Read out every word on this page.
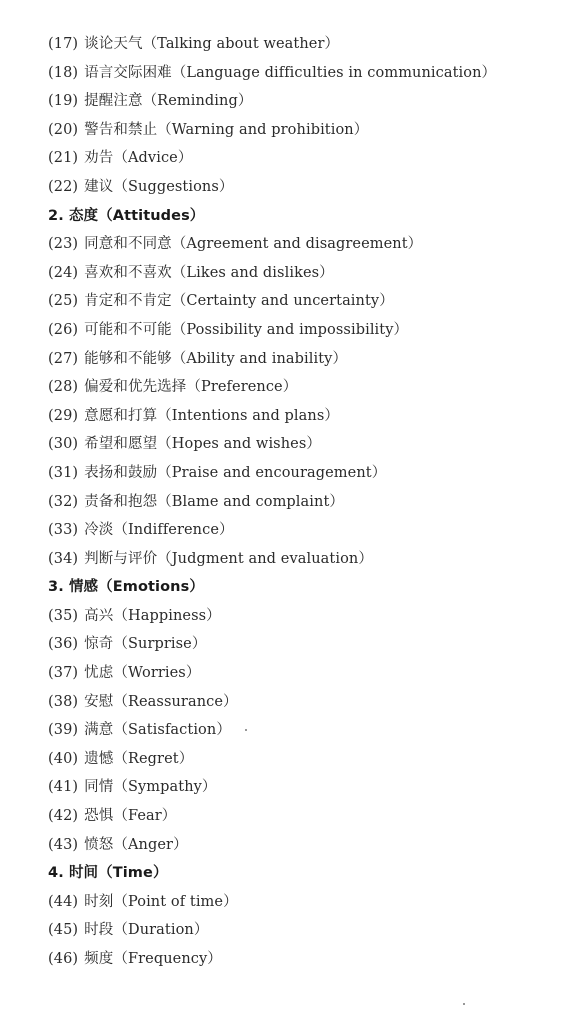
(17) 谈论天气（Talking about weather）
(18) 语言交际困难（Language difficulties in communication）
(19) 提醒注意（Reminding）
(20) 警告和禁止（Warning and prohibition）
(21) 劝告（Advice）
(22) 建议（Suggestions）
2. 态度（Attitudes）
(23) 同意和不同意（Agreement and disagreement）
(24) 喜欢和不喜欢（Likes and dislikes）
(25) 肯定和不肯定（Certainty and uncertainty）
(26) 可能和不可能（Possibility and impossibility）
(27) 能够和不能够（Ability and inability）
(28) 偏爱和优先选择（Preference）
(29) 意愿和打算（Intentions and plans）
(30) 希望和愿望（Hopes and wishes）
(31) 表扬和鼓励（Praise and encouragement）
(32) 责备和抱怨（Blame and complaint）
(33) 冷淡（Indifference）
(34) 判断与评价（Judgment and evaluation）
3. 情感（Emotions）
(35) 高兴（Happiness）
(36) 惊奇（Surprise）
(37) 忧虑（Worries）
(38) 安慰（Reassurance）
(39) 满意（Satisfaction）
(40) 遗憾（Regret）
(41) 同情（Sympathy）
(42) 恐惧（Fear）
(43) 愤怒（Anger）
4. 时间（Time）
(44) 时刻（Point of time）
(45) 时段（Duration）
(46) 频度（Frequency）
